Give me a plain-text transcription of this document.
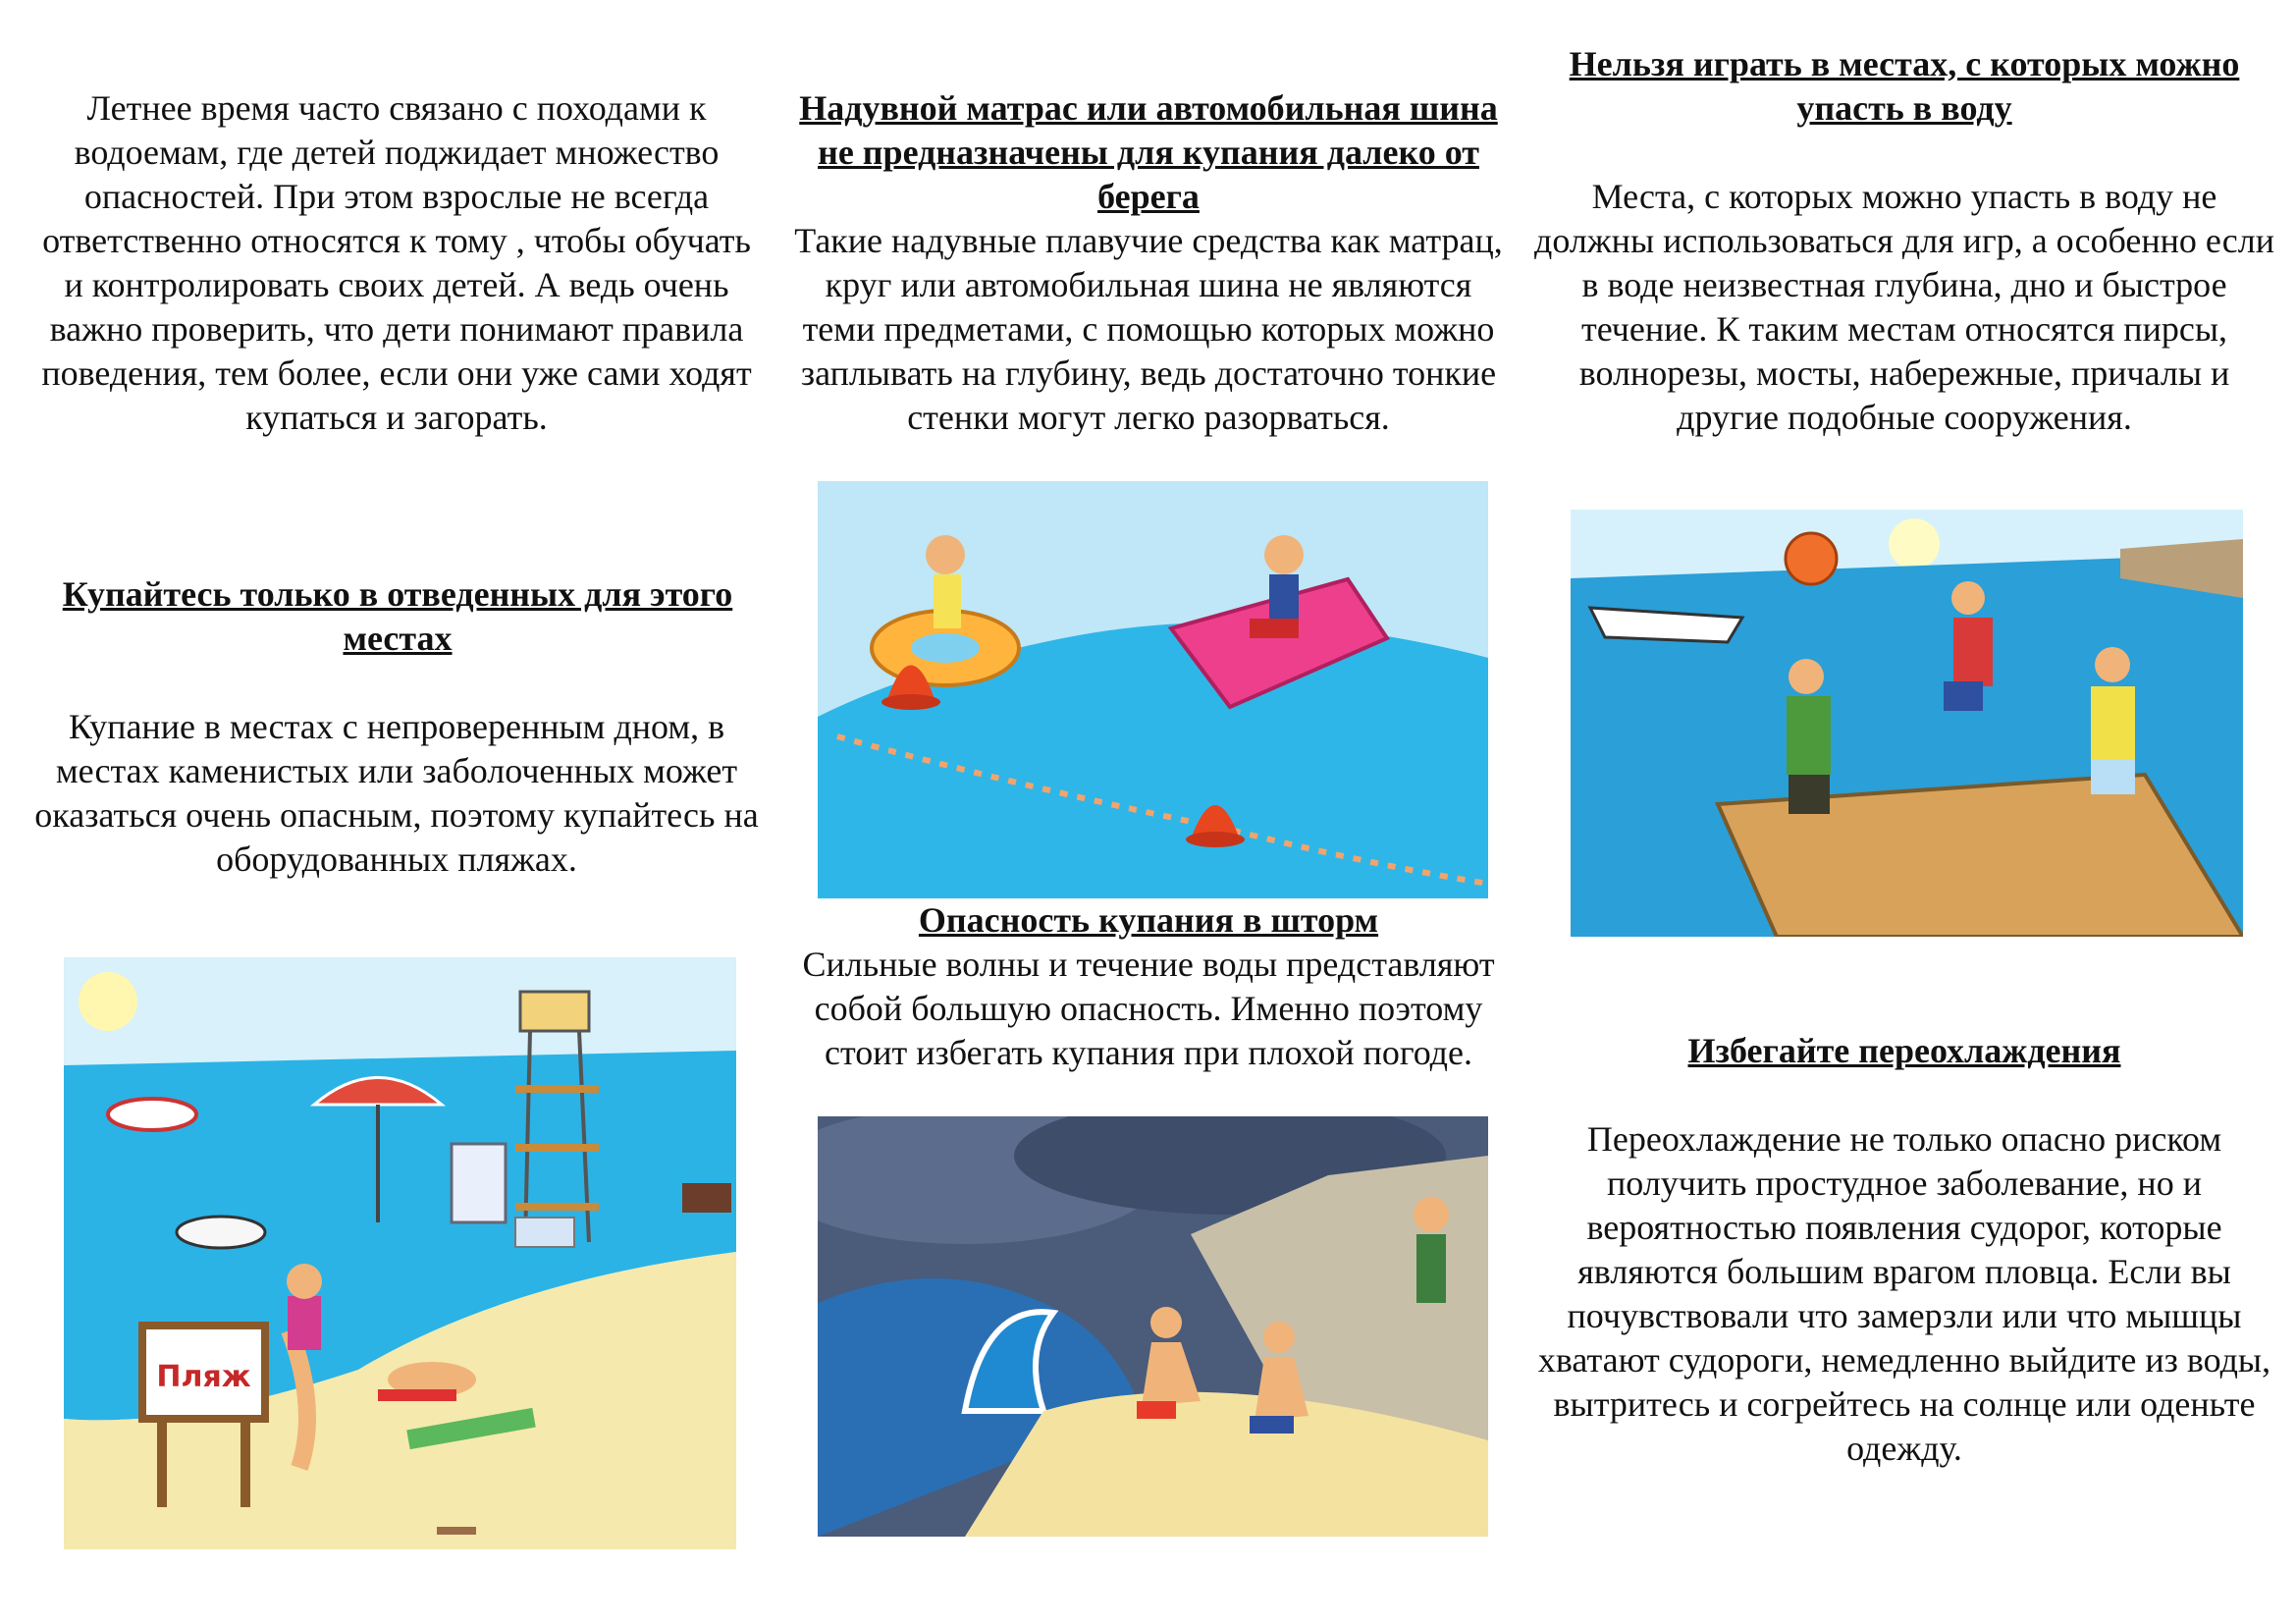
Летнее время часто связано с походами к водоемам, где детей поджидает множество опасностей. При этом взрослые не всегда ответственно относятся к тому , чтобы обучать и контролировать своих детей. А ведь очень важно проверить, что дети понимают правила поведения, тем более, если они уже сами ходят купаться и загорать.
Купайтесь только в отведенных для этого местах
Купание в местах с непроверенным дном, в местах каменистых или заболоченных может оказаться очень опасным, поэтому купайтесь на оборудованных пляжах.
Пляж
Надувной матрас или автомобильная шина не предназначены для купания далеко от берега
Такие надувные плавучие средства как матрац, круг или автомобильная шина не являются теми предметами, с помощью которых можно заплывать на глубину, ведь достаточно тонкие стенки могут легко разорваться.
Опасность купания в шторм
Сильные волны и течение воды представляют собой большую опасность. Именно поэтому стоит избегать купания при плохой погоде.
Нельзя играть в местах, с которых можно упасть в воду
Места, с которых можно упасть в воду не должны использоваться для игр, а особенно если в воде неизвестная глубина, дно и быстрое течение. К таким местам относятся пирсы, волнорезы, мосты, набережные, причалы и другие подобные сооружения.
Избегайте переохлаждения
Переохлаждение не только опасно риском получить простудное заболевание, но и вероятностью появления судорог, которые являются большим врагом пловца. Если вы почувствовали что замерзли или что мышцы хватают судороги, немедленно выйдите из воды, вытритесь и согрейтесь на солнце или оденьте одежду.
